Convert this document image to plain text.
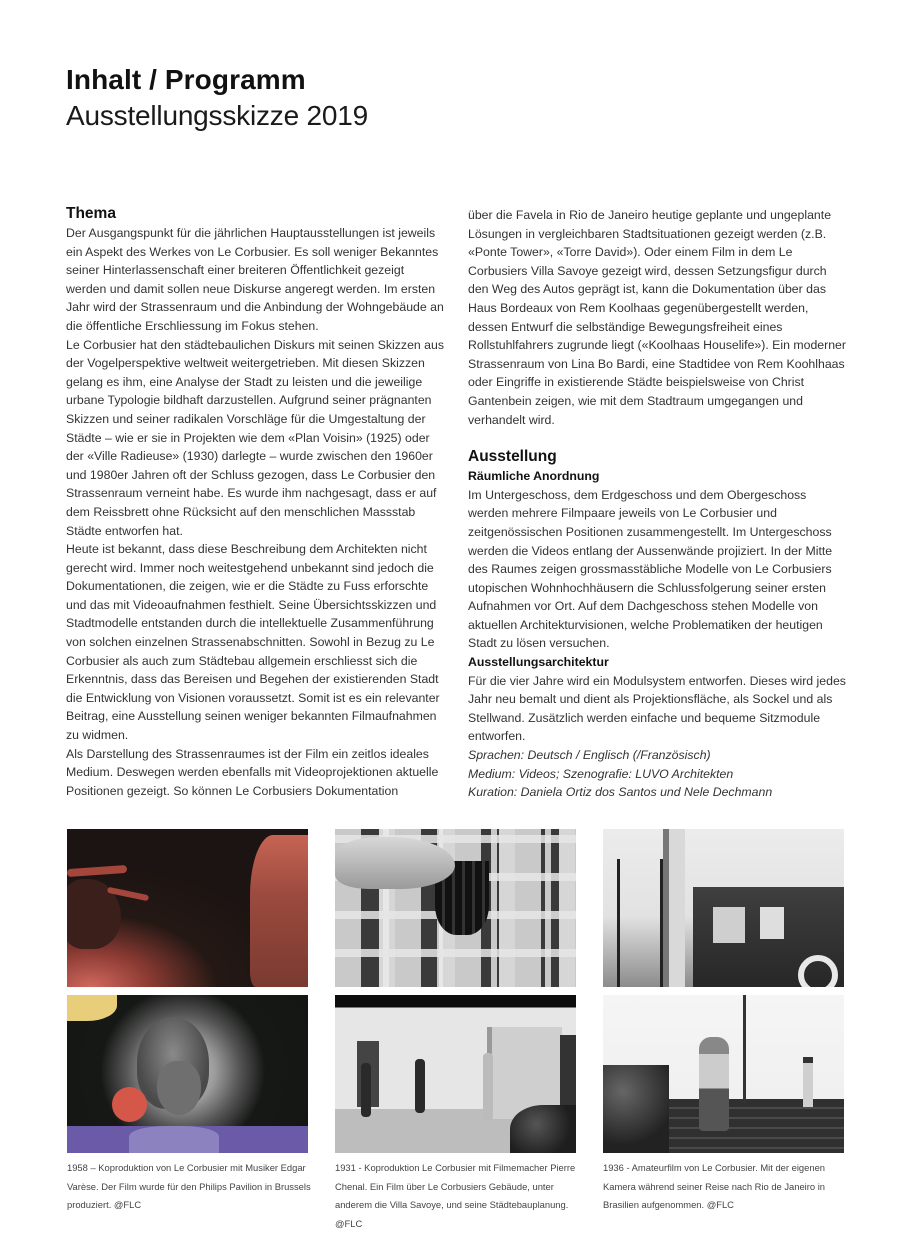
Inhalt / Programm
Ausstellungsskizze 2019
Thema

Der Ausgangspunkt für die jährlichen Hauptausstellungen ist jeweils ein Aspekt des Werkes von Le Corbusier. Es soll weniger Bekanntes seiner Hinterlassenschaft einer breiteren Öffentlichkeit gezeigt werden und damit sollen neue Diskurse angeregt werden. Im ersten Jahr wird der Strassenraum und die Anbindung der Wohngebäude an die öffentliche Erschliessung im Fokus stehen.

Le Corbusier hat den städtebaulichen Diskurs mit seinen Skizzen aus der Vogelperspektive weltweit weitergetrieben. Mit diesen Skizzen gelang es ihm, eine Analyse der Stadt zu leisten und die jeweilige urbane Typologie bildhaft darzustellen. Aufgrund seiner prägnanten Skizzen und seiner radikalen Vorschläge für die Umgestaltung der Städte – wie er sie in Projekten wie dem «Plan Voisin» (1925) oder der «Ville Radieuse» (1930) darlegte – wurde zwischen den 1960er und 1980er Jahren oft der Schluss gezogen, dass Le Corbusier den Strassenraum verneint habe. Es wurde ihm nachgesagt, dass er auf dem Reissbrett ohne Rücksicht auf den menschlichen Massstab Städte entworfen hat.

Heute ist bekannt, dass diese Beschreibung dem Architekten nicht gerecht wird. Immer noch weitestgehend unbekannt sind jedoch die Dokumentationen, die zeigen, wie er die Städte zu Fuss erforschte und das mit Videoaufnahmen festhielt. Seine Übersichtsskizzen und Stadtmodelle entstanden durch die intellektuelle Zusammenführung von solchen einzelnen Strassenabschnitten. Sowohl in Bezug zu Le Corbusier als auch zum Städtebau allgemein erschliesst sich die Erkenntnis, dass das Bereisen und Begehen der existierenden Stadt die Entwicklung von Visionen voraussetzt. Somit ist es ein relevanter Beitrag, eine Ausstellung seinen weniger bekannten Filmaufnahmen zu widmen.

Als Darstellung des Strassenraumes ist der Film ein zeitlos ideales Medium. Deswegen werden ebenfalls mit Videoprojektionen aktuelle Positionen gezeigt. So können Le Corbusiers Dokumentation

über die Favela in Rio de Janeiro heutige geplante und ungeplante Lösungen in vergleichbaren Stadtsituationen gezeigt werden (z.B. «Ponte Tower», «Torre David»). Oder einem Film in dem Le Corbusiers Villa Savoye gezeigt wird, dessen Setzungsfigur durch den Weg des Autos geprägt ist, kann die Dokumentation über das Haus Bordeaux von Rem Koolhaas gegenübergestellt werden, dessen Entwurf die selbständige Bewegungsfreiheit eines Rollstuhlfahrers zugrunde liegt («Koolhaas Houselife»). Ein moderner Strassenraum von Lina Bo Bardi, eine Stadtidee von Rem Koohlhaas oder Eingriffe in existierende Städte beispielsweise von Christ Gantenbein zeigen, wie mit dem Stadtraum umgegangen und verhandelt wird.

Ausstellung
Räumliche Anordnung

Im Untergeschoss, dem Erdgeschoss und dem Obergeschoss werden mehrere Filmpaare jeweils von Le Corbusier und zeitgenössischen Positionen zusammengestellt. Im Untergeschoss werden die Videos entlang der Aussenwände projiziert. In der Mitte des Raumes zeigen grossmasstäbliche Modelle von Le Corbusiers utopischen Wohnhochhäusern die Schlussfolgerung seiner ersten Aufnahmen vor Ort. Auf dem Dachgeschoss stehen Modelle von aktuellen Architekturvisionen, welche Problematiken der heutigen Stadt zu lösen versuchen.

Ausstellungsarchitektur

Für die vier Jahre wird ein Modulsystem entworfen. Dieses wird jedes Jahr neu bemalt und dient als Projektionsfläche, als Sockel und als Stellwand. Zusätzlich werden einfache und bequeme Sitzmodule entworfen.

Sprachen: Deutsch / Englisch (/Französisch)

Medium: Videos; Szenografie: LUVO Architekten

Kuration: Daniela Ortiz dos Santos und Nele Dechmann

1958 – Koproduktion von Le Corbusier mit Musiker Edgar Varèse. Der Film wurde für den Philips Pavilion in Brussels produziert. @FLC
1931 - Koproduktion Le Corbusier mit Filmemacher Pierre Chenal. Ein Film über Le Corbusiers Gebäude, unter anderem die Villa Savoye, und seine Städtebauplanung. @FLC
1936 - Amateurfilm von Le Corbusier. Mit der eigenen Kamera während seiner Reise nach Rio de Janeiro in Brasilien aufgenommen. @FLC
